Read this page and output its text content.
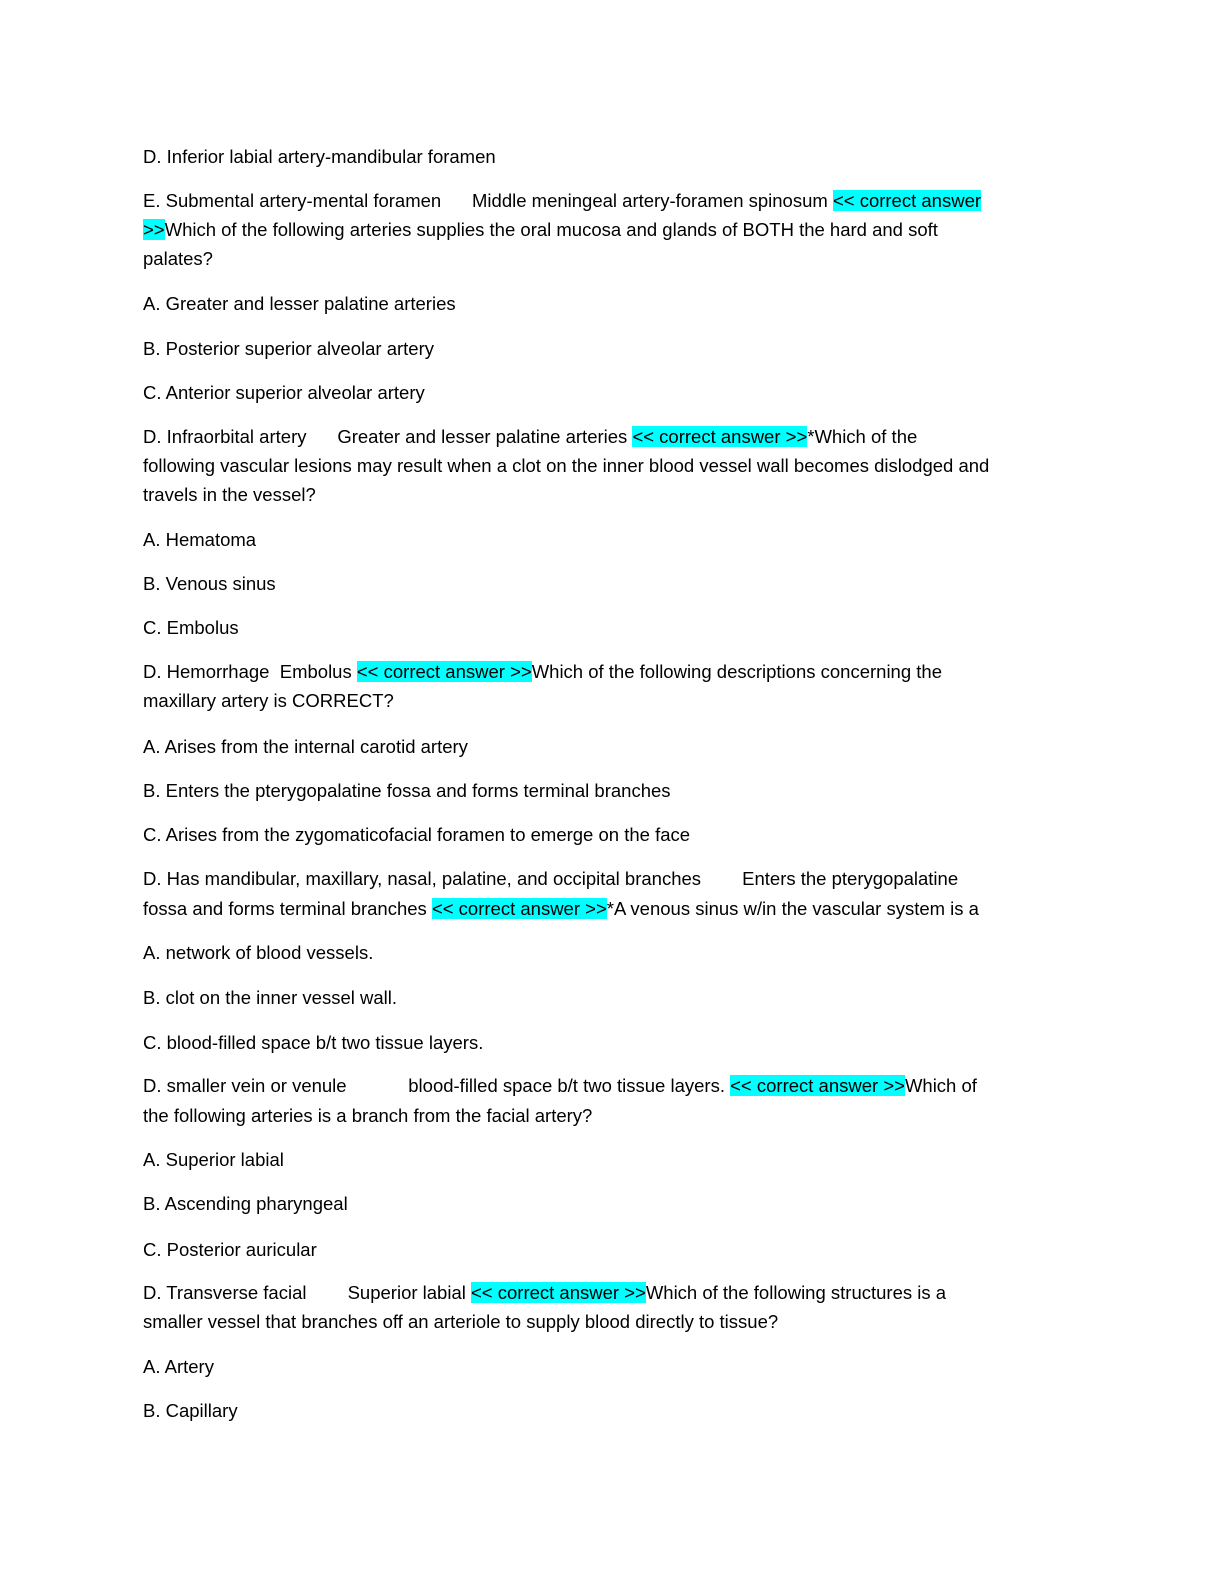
D. Inferior labial artery-mandibular foramen
E. Submental artery-mental foramen      Middle meningeal artery-foramen spinosum << correct answer
>>Which of the following arteries supplies the oral mucosa and glands of BOTH the hard and soft
palates?
A. Greater and lesser palatine arteries
B. Posterior superior alveolar artery
C. Anterior superior alveolar artery
D. Infraorbital artery      Greater and lesser palatine arteries << correct answer >>*Which of the
following vascular lesions may result when a clot on the inner blood vessel wall becomes dislodged and
travels in the vessel?
A. Hematoma
B. Venous sinus
C. Embolus
D. Hemorrhage  Embolus << correct answer >>Which of the following descriptions concerning the
maxillary artery is CORRECT?
A. Arises from the internal carotid artery
B. Enters the pterygopalatine fossa and forms terminal branches
C. Arises from the zygomaticofacial foramen to emerge on the face
D. Has mandibular, maxillary, nasal, palatine, and occipital branches        Enters the pterygopalatine
fossa and forms terminal branches << correct answer >>*A venous sinus w/in the vascular system is a
A. network of blood vessels.
B. clot on the inner vessel wall.
C. blood-filled space b/t two tissue layers.
D. smaller vein or venule            blood-filled space b/t two tissue layers. << correct answer >>Which of
the following arteries is a branch from the facial artery?
A. Superior labial
B. Ascending pharyngeal
C. Posterior auricular
D. Transverse facial        Superior labial << correct answer >>Which of the following structures is a
smaller vessel that branches off an arteriole to supply blood directly to tissue?
A. Artery
B. Capillary
